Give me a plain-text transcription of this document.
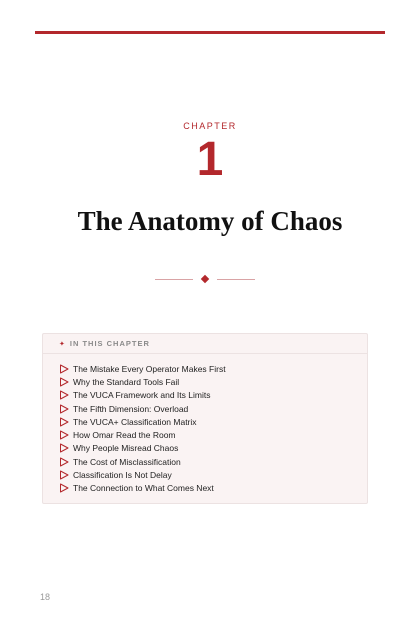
CHAPTER
1
The Anatomy of Chaos
✦ IN THIS CHAPTER
The Mistake Every Operator Makes First
Why the Standard Tools Fail
The VUCA Framework and Its Limits
The Fifth Dimension: Overload
The VUCA+ Classification Matrix
How Omar Read the Room
Why People Misread Chaos
The Cost of Misclassification
Classification Is Not Delay
The Connection to What Comes Next
18
